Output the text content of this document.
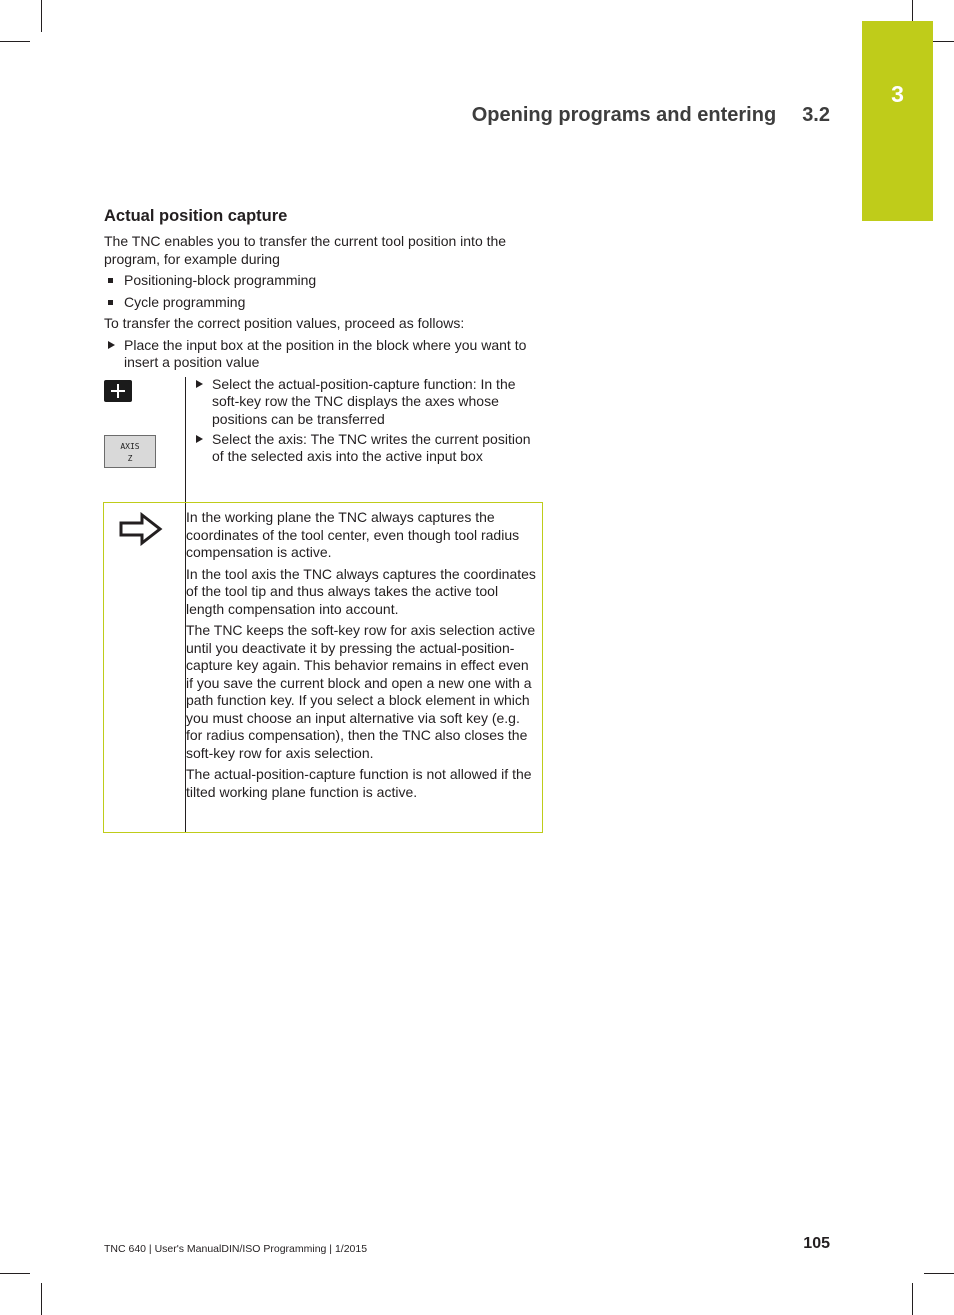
3
Opening programs and entering 3.2
Actual position capture

The TNC enables you to transfer the current tool position into the program, for example during

Positioning-block programming
Cycle programming

To transfer the correct position values, proceed as follows:

Place the input box at the position in the block where you want to insert a position value
Select the actual-position-capture function: In the soft-key row the TNC displays the axes whose positions can be transferred
AXIS
Z
Select the axis: The TNC writes the current position of the selected axis into the active input box

In the working plane the TNC always captures the coordinates of the tool center, even though tool radius compensation is active.

In the tool axis the TNC always captures the coordinates of the tool tip and thus always takes the active tool length compensation into account.

The TNC keeps the soft-key row for axis selection active until you deactivate it by pressing the actual-position-capture key again. This behavior remains in effect even if you save the current block and open a new one with a path function key. If you select a block element in which you must choose an input alternative via soft key (e.g. for radius compensation), then the TNC also closes the soft-key row for axis selection.

The actual-position-capture function is not allowed if the tilted working plane function is active.

TNC 640 | User's ManualDIN/ISO Programming | 1/2015	105
